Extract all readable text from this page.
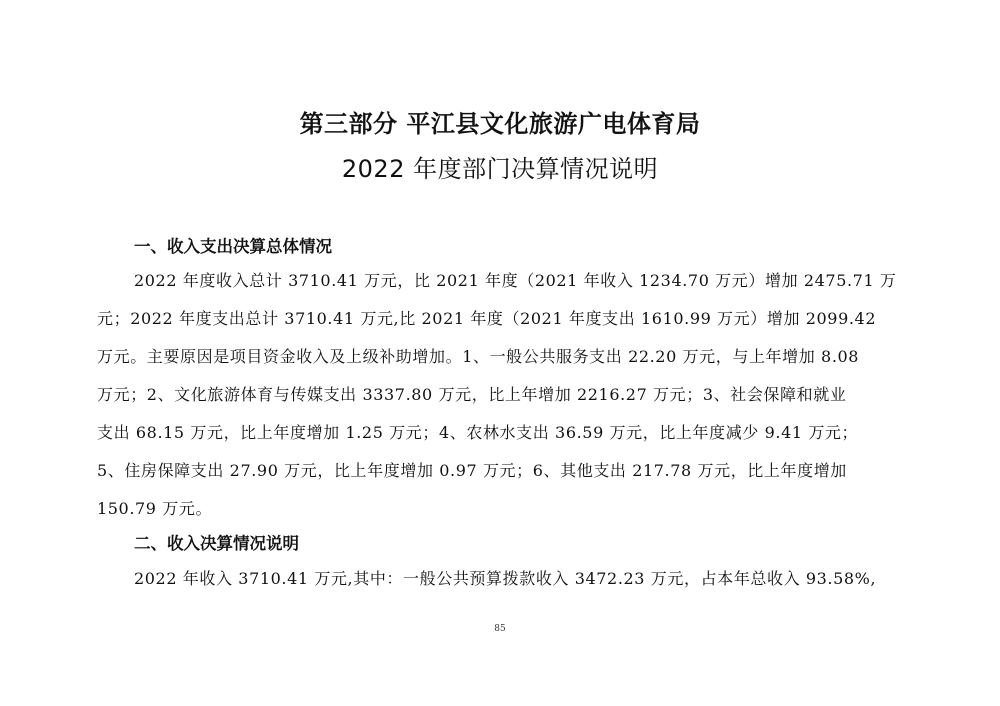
第三部分 平江县文化旅游广电体育局
2022 年度部门决算情况说明
一、收入支出决算总体情况
2022 年度收入总计 3710.41 万元，比 2021 年度（2021 年收入 1234.70 万元）增加 2475.71 万
元；2022 年度支出总计 3710.41 万元,比 2021 年度（2021 年度支出 1610.99 万元）增加 2099.42
万元。主要原因是项目资金收入及上级补助增加。1、一般公共服务支出 22.20 万元，与上年增加 8.08
万元；2、文化旅游体育与传媒支出 3337.80 万元，比上年增加 2216.27 万元；3、社会保障和就业
支出 68.15 万元，比上年度增加 1.25 万元；4、农林水支出 36.59 万元，比上年度减少 9.41 万元；
5、住房保障支出 27.90 万元，比上年度增加 0.97 万元；6、其他支出 217.78 万元，比上年度增加
150.79 万元。
二、收入决算情况说明
2022 年收入 3710.41 万元,其中：一般公共预算拨款收入 3472.23 万元，占本年总收入 93.58%,
85
